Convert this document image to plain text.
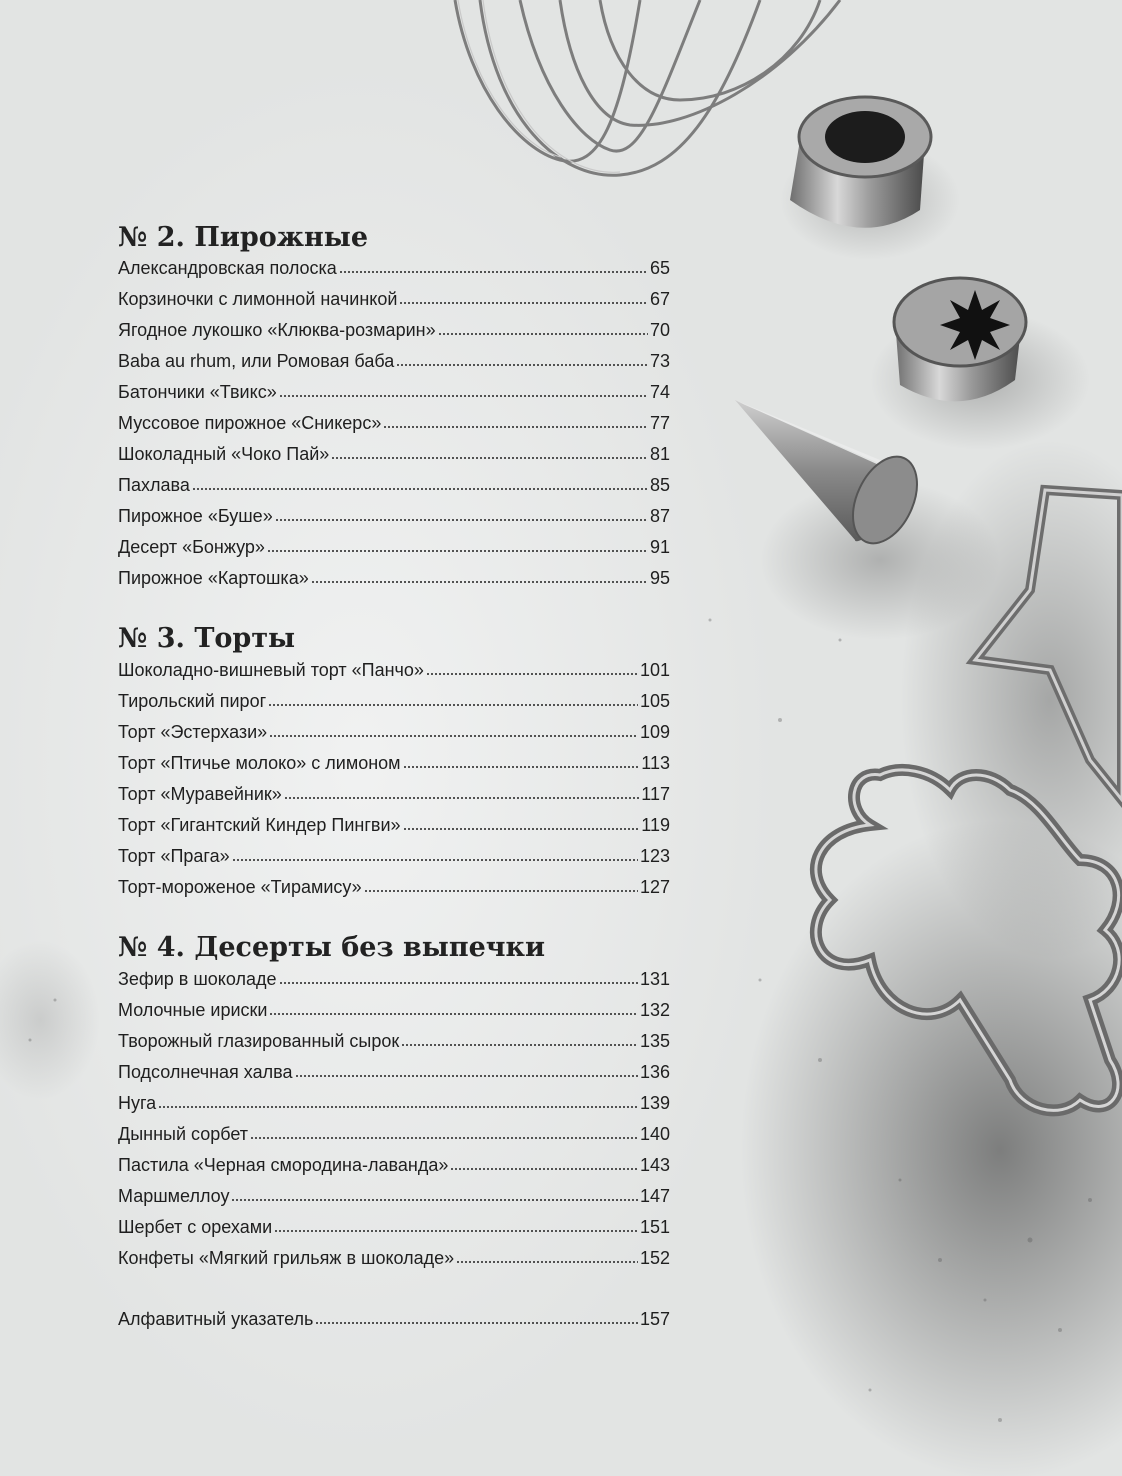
№ 2. Пирожные
Александровская полоска	65
Корзиночки с лимонной начинкой	67
Ягодное лукошко «Клюква-розмарин»	70
Baba au rhum, или Ромовая баба	73
Батончики «Твикс»	74
Муссовое пирожное «Сникерс»	77
Шоколадный «Чоко Пай»	81
Пахлава	85
Пирожное «Буше»	87
Десерт «Бонжур»	91
Пирожное «Картошка»	95
№ 3. Торты
Шоколадно-вишневый торт «Панчо»	101
Тирольский пирог	105
Торт «Эстерхази»	109
Торт «Птичье молоко» с лимоном	113
Торт «Муравейник»	117
Торт «Гигантский Киндер Пингви»	119
Торт «Прага»	123
Торт-мороженое «Тирамису»	127
№ 4. Десерты без выпечки
Зефир в шоколаде	131
Молочные ириски	132
Творожный глазированный сырок	135
Подсолнечная халва	136
Нуга	139
Дынный сорбет	140
Пастила «Черная смородина-лаванда»	143
Маршмеллоу	147
Шербет с орехами	151
Конфеты «Мягкий грильяж в шоколаде»	152
Алфавитный указатель	157
